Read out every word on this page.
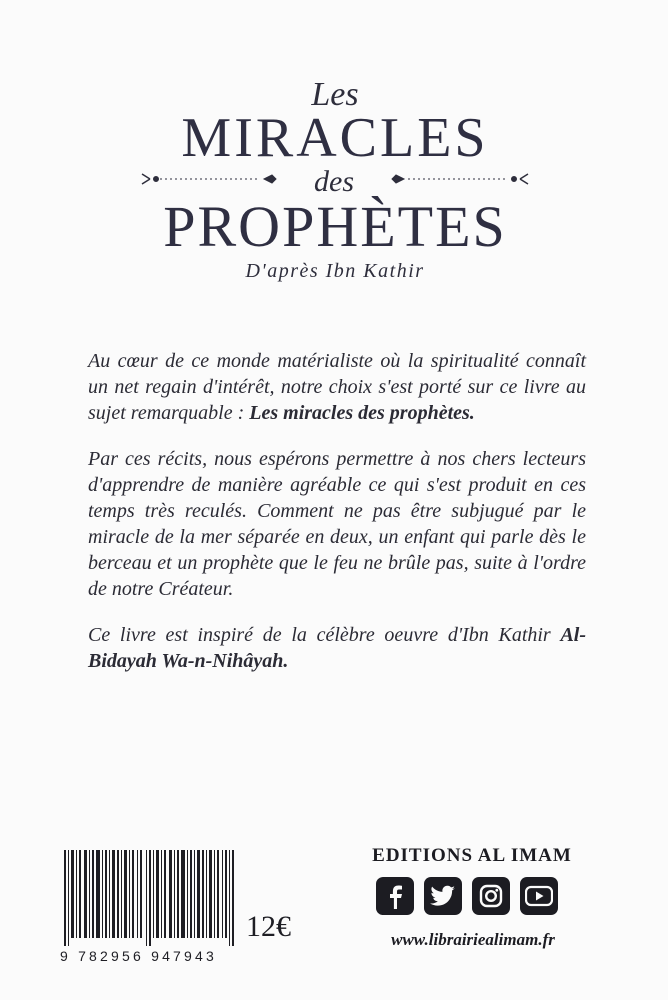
Les
MIRACLES
des
PROPHÈTES
D'après Ibn Kathir

Au cœur de ce monde matérialiste où la spiritualité connaît un net regain d'intérêt, notre choix s'est porté sur ce livre au sujet remarquable : Les miracles des prophètes.

Par ces récits, nous espérons permettre à nos chers lecteurs d'apprendre de manière agréable ce qui s'est produit en ces temps très reculés. Comment ne pas être subjugué par le miracle de la mer séparée en deux, un enfant qui parle dès le berceau et un prophète que le feu ne brûle pas, suite à l'ordre de notre Créateur.

Ce livre est inspiré de la célèbre oeuvre d'Ibn Kathir Al-Bidayah Wa-n-Nihâyah.

9 782956 947943
12€
EDITIONS AL IMAM
www.librairiealimam.fr
